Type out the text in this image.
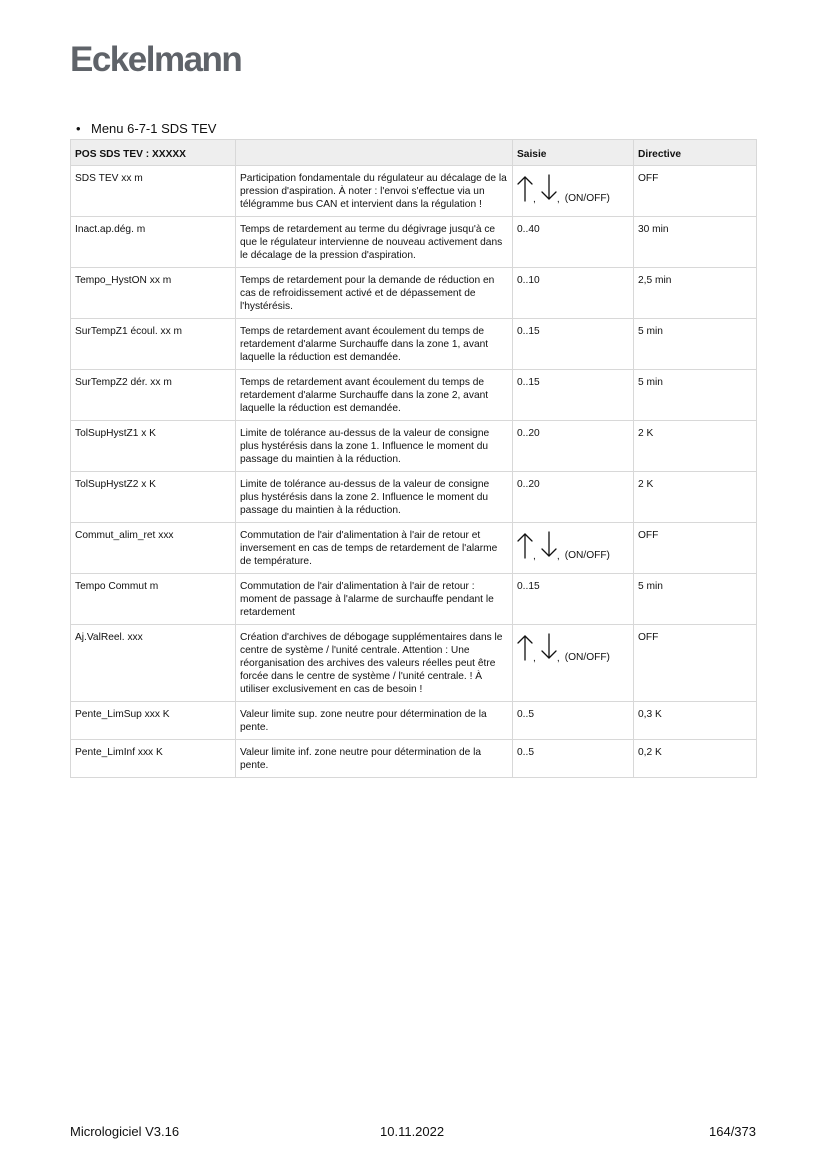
Eckelmann
• Menu 6-7-1 SDS TEV
POS SDS TEV : XXXXX		Saisie	Directive
SDS TEV xx m	Participation fondamentale du régulateur au décalage de la pression d'aspiration. À noter : l'envoi s'effectue via un télégramme bus CAN et intervient dans la régulation !	, , (ON/OFF)	OFF
Inact.ap.dég. m	Temps de retardement au terme du dégivrage jusqu'à ce que le régulateur intervienne de nouveau activement dans le décalage de la pression d'aspiration.	0..40	30 min
Tempo_HystON xx m	Temps de retardement pour la demande de réduction en cas de refroidissement activé et de dépassement de l'hystérésis.	0..10	2,5 min
SurTempZ1 écoul. xx m	Temps de retardement avant écoulement du temps de retardement d'alarme Surchauffe dans la zone 1, avant laquelle la réduction est demandée.	0..15	5 min
SurTempZ2 dér. xx m	Temps de retardement avant écoulement du temps de retardement d'alarme Surchauffe dans la zone 2, avant laquelle la réduction est demandée.	0..15	5 min
TolSupHystZ1 x K	Limite de tolérance au-dessus de la valeur de consigne plus hystérésis dans la zone 1. Influence le moment du passage du maintien à la réduction.	0..20	2 K
TolSupHystZ2 x K	Limite de tolérance au-dessus de la valeur de consigne plus hystérésis dans la zone 2. Influence le moment du passage du maintien à la réduction.	0..20	2 K
Commut_alim_ret xxx	Commutation de l'air d'alimentation à l'air de retour et inversement en cas de temps de retardement de l'alarme de température.	, , (ON/OFF)	OFF
Tempo Commut m	Commutation de l'air d'alimentation à l'air de retour : moment de passage à l'alarme de surchauffe pendant le retardement	0..15	5 min
Aj.ValReel. xxx	Création d'archives de débogage supplémentaires dans le centre de système / l'unité centrale. Attention : Une réorganisation des archives des valeurs réelles peut être forcée dans le centre de système / l'unité centrale. ! À utiliser exclusivement en cas de besoin !	, , (ON/OFF)	OFF
Pente_LimSup xxx K	Valeur limite sup. zone neutre pour détermination de la pente.	0..5	0,3 K
Pente_LimInf xxx K	Valeur limite inf. zone neutre pour détermination de la pente.	0..5	0,2 K
Micrologiciel V3.16	10.11.2022	164/373
